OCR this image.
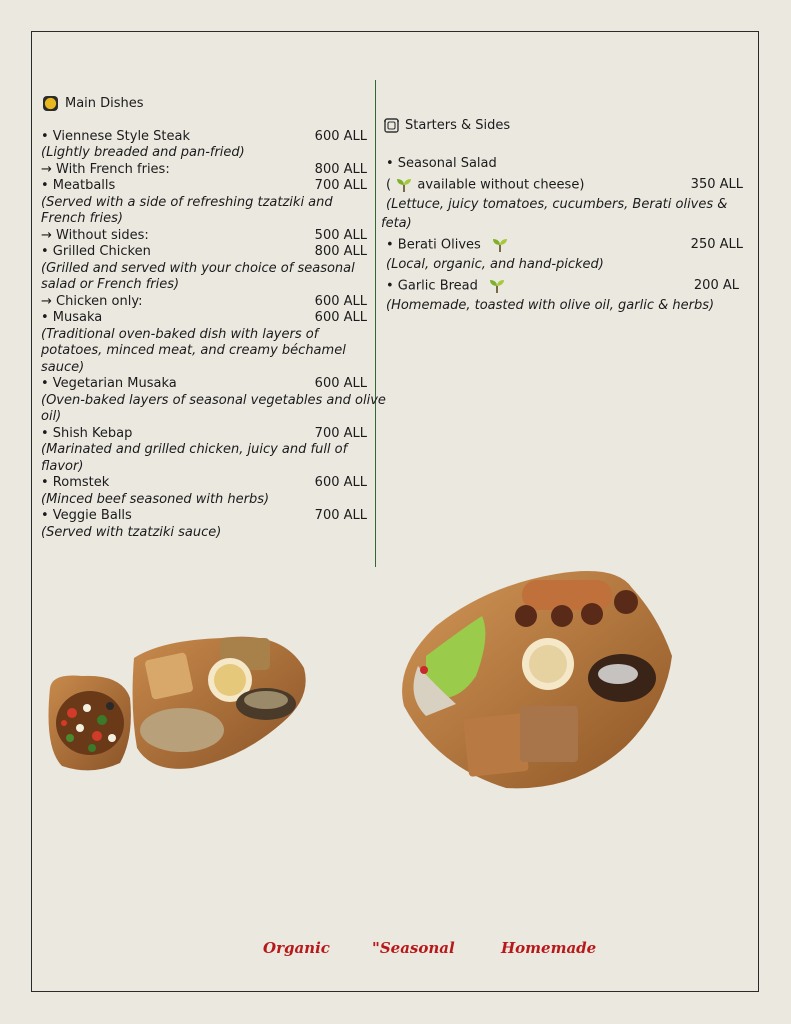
Main Dishes
• Viennese Style Steak	600 ALL
(Lightly breaded and pan-fried)
→ With French fries:	800 ALL
• Meatballs	700 ALL
(Served with a side of refreshing tzatziki and
French fries)
→ Without sides:	500 ALL
• Grilled Chicken	800 ALL
(Grilled and served with your choice of seasonal
salad or French fries)
→ Chicken only:	600 ALL
• Musaka	600 ALL
(Traditional oven-baked dish with layers of
potatoes, minced meat, and creamy béchamel
sauce)
• Vegetarian Musaka	600 ALL
(Oven-baked layers of seasonal vegetables and olive
oil)
• Shish Kebap	700 ALL
(Marinated and grilled chicken, juicy and full of
flavor)
• Romstek	600 ALL
(Minced beef seasoned with herbs)
• Veggie Balls	700 ALL
(Served with tzatziki sauce)
Starters & Sides
• Seasonal Salad
( available without cheese)	350 ALL
(Lettuce, juicy tomatoes, cucumbers, Berati olives &
feta)
• Berati Olives	250 ALL
(Local, organic, and hand-picked)
• Garlic Bread	200 AL
(Homemade, toasted with olive oil, garlic & herbs)
Organic	"Seasonal	Homemade
